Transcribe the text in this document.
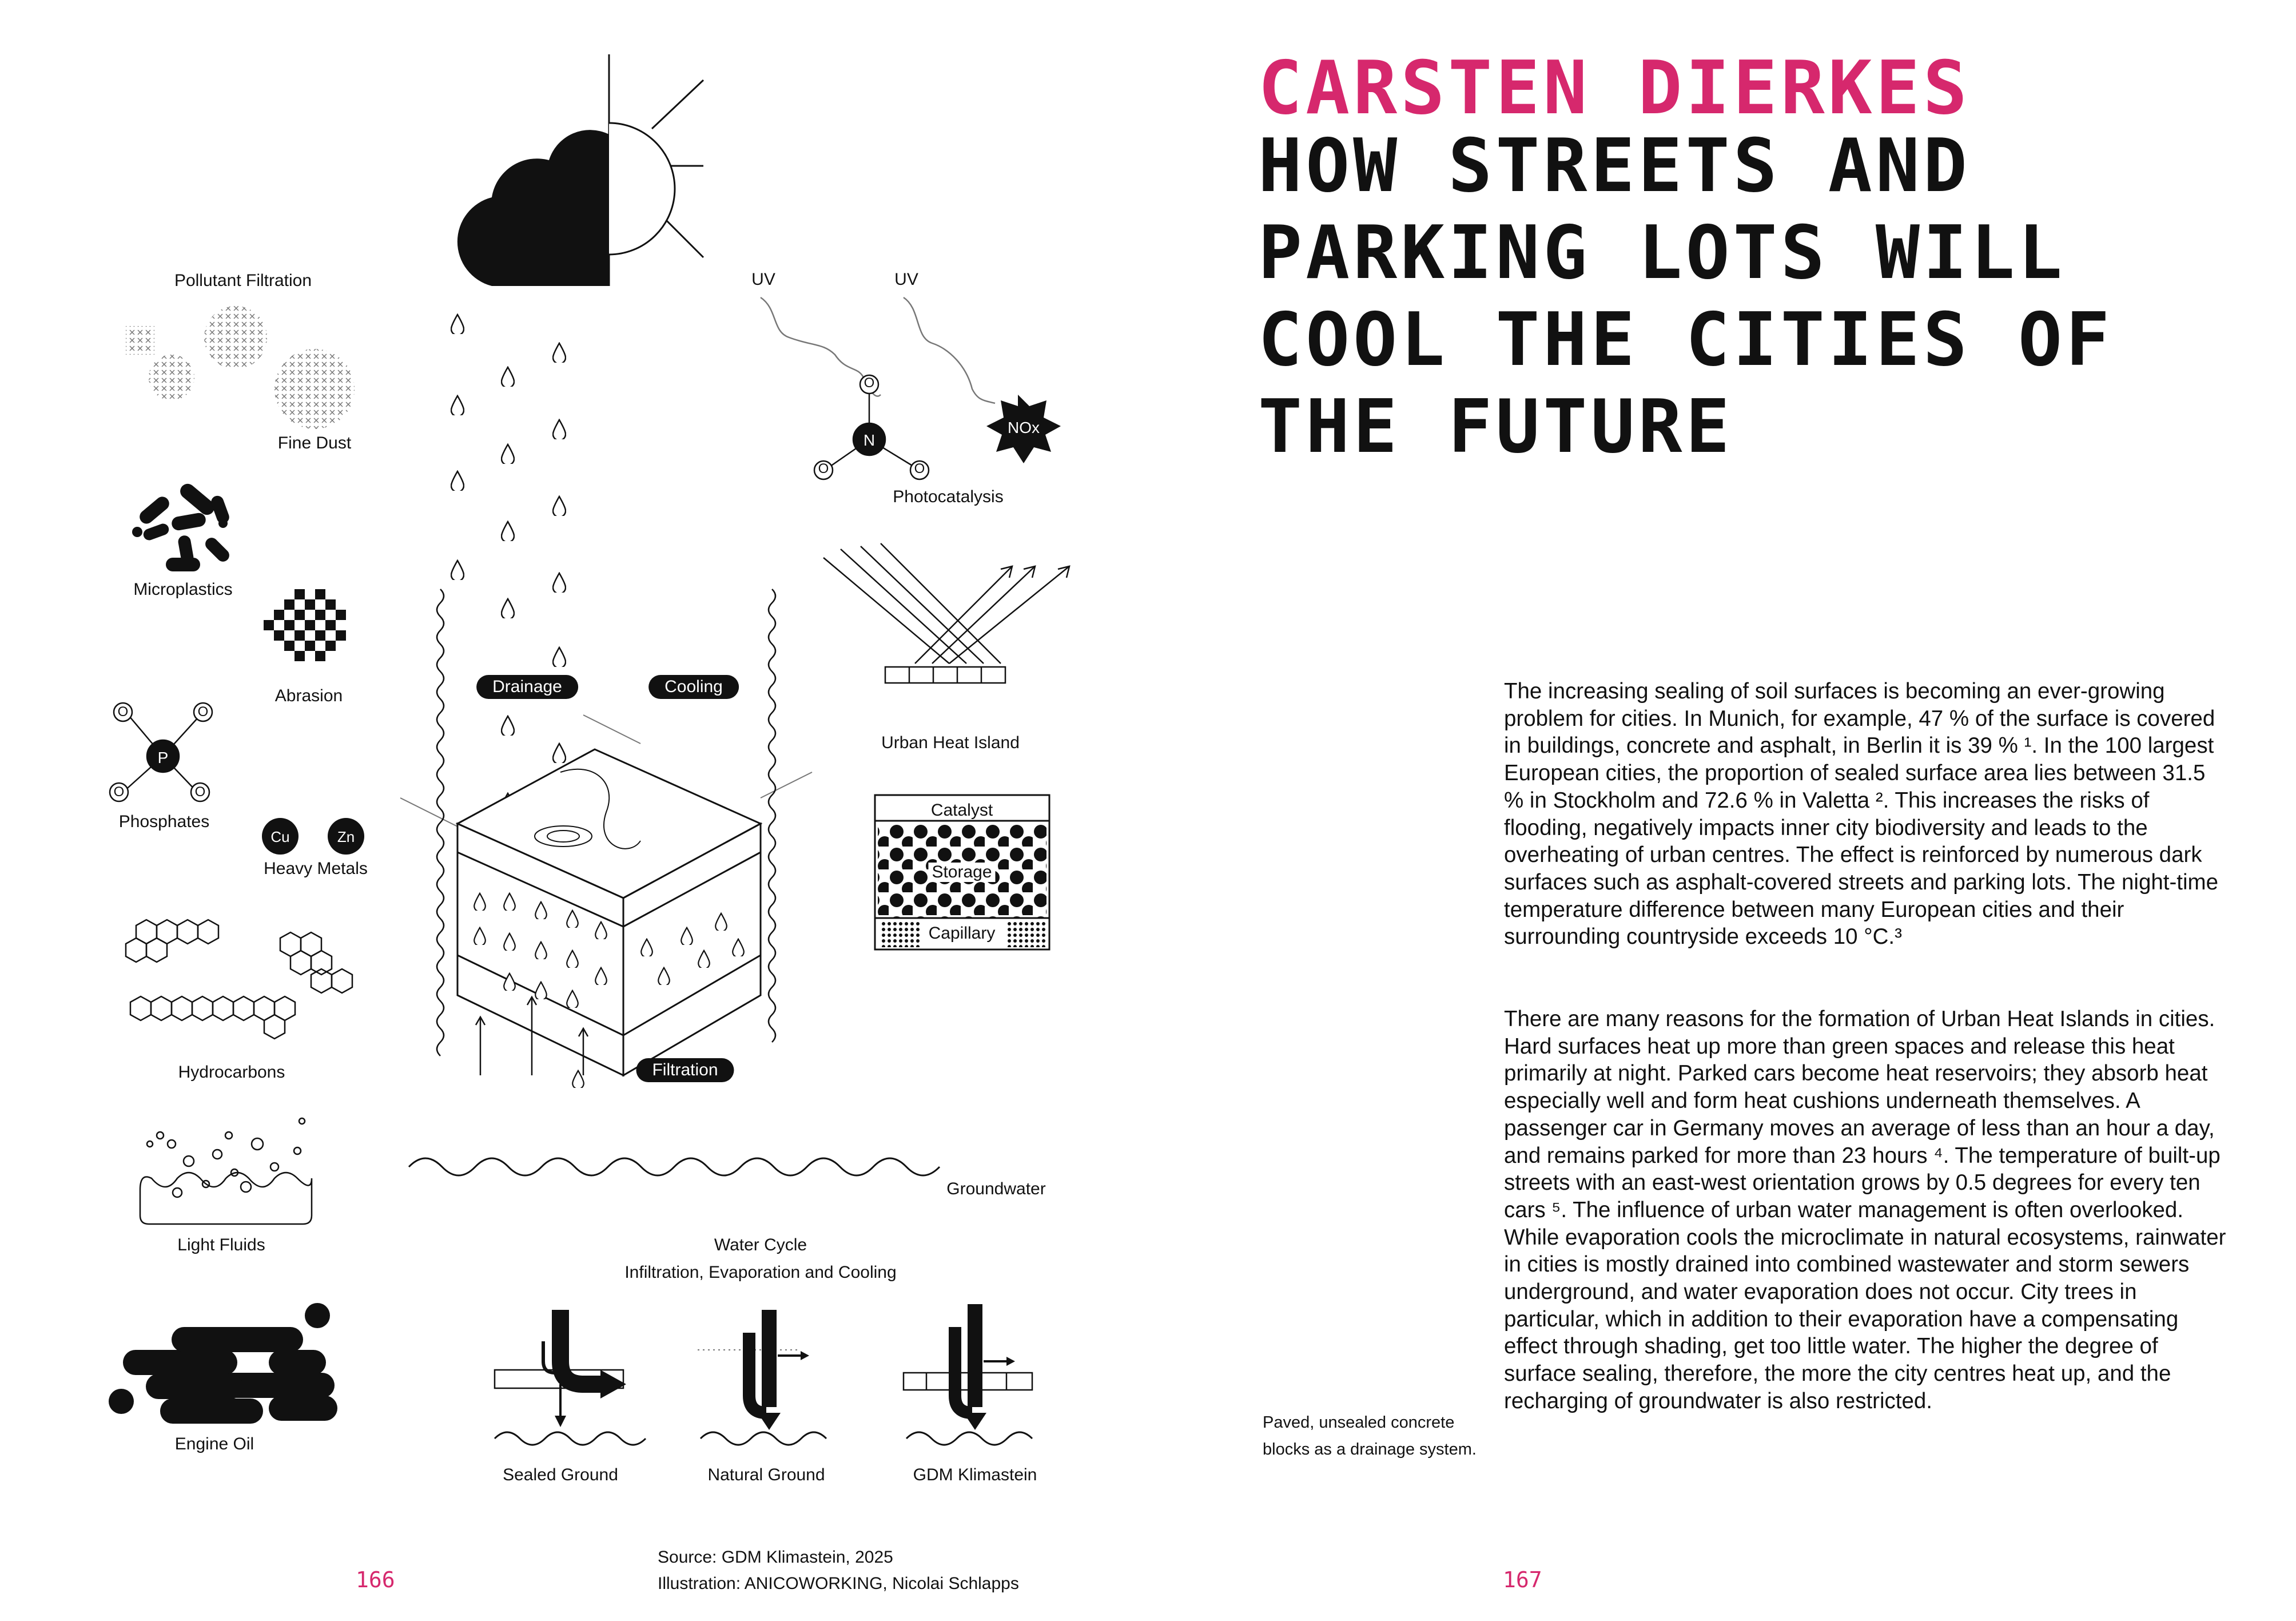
Pollutant Filtration
Fine Dust
Microplastics
Abrasion
P
O	O
O	O
Phosphates
Cu	Zn
Heavy Metals
Hydrocarbons
Light Fluids
Engine Oil
UV	UV
O
O	O
N
NOx
Photocatalysis
Drainage	Cooling
Filtration
Urban Heat Island
Catalyst
Storage
Capillary
Groundwater
Water Cycle
Infiltration, Evaporation and Cooling
Sealed Ground	Natural Ground	GDM Klimastein
Source: GDM Klimastein, 2025
Illustration: ANICOWORKING, Nicolai Schlapps
166
CARSTEN DIERKES
HOW STREETS AND
PARKING LOTS WILL
COOL THE CITIES OF
THE FUTURE

The increasing sealing of soil surfaces is becoming an ever-growing problem for cities. In Munich, for example, 47 % of the surface is covered in buildings, concrete and asphalt, in Berlin it is 39 % ¹. In the 100 largest European cities, the proportion of sealed surface area lies between 31.5 % in Stockholm and 72.6 % in Valetta ². This increases the risks of flooding, negatively impacts inner city biodiversity and leads to the overheating of urban centres. The effect is reinforced by numerous dark surfaces such as asphalt-covered streets and parking lots. The night-time temperature difference between many European cities and their surrounding countryside exceeds 10 °C.³

There are many reasons for the formation of Urban Heat Islands in cities. Hard surfaces heat up more than green spaces and release this heat primarily at night. Parked cars become heat reservoirs; they absorb heat especially well and form heat cushions underneath themselves. A passenger car in Germany moves an average of less than an hour a day, and remains parked for more than 23 hours ⁴. The temperature of built-up streets with an east-west orientation grows by 0.5 degrees for every ten cars ⁵. The influence of urban water management is often overlooked. While evaporation cools the microclimate in natural ecosystems, rainwater in cities is mostly drained into combined wastewater and storm sewers underground, and water evaporation does not occur. City trees in particular, which in addition to their evaporation have a compensating effect through shading, get too little water. The higher the degree of surface sealing, therefore, the more the city centres heat up, and the recharging of groundwater is also restricted.

Paved, unsealed concrete blocks as a drainage system.
167
